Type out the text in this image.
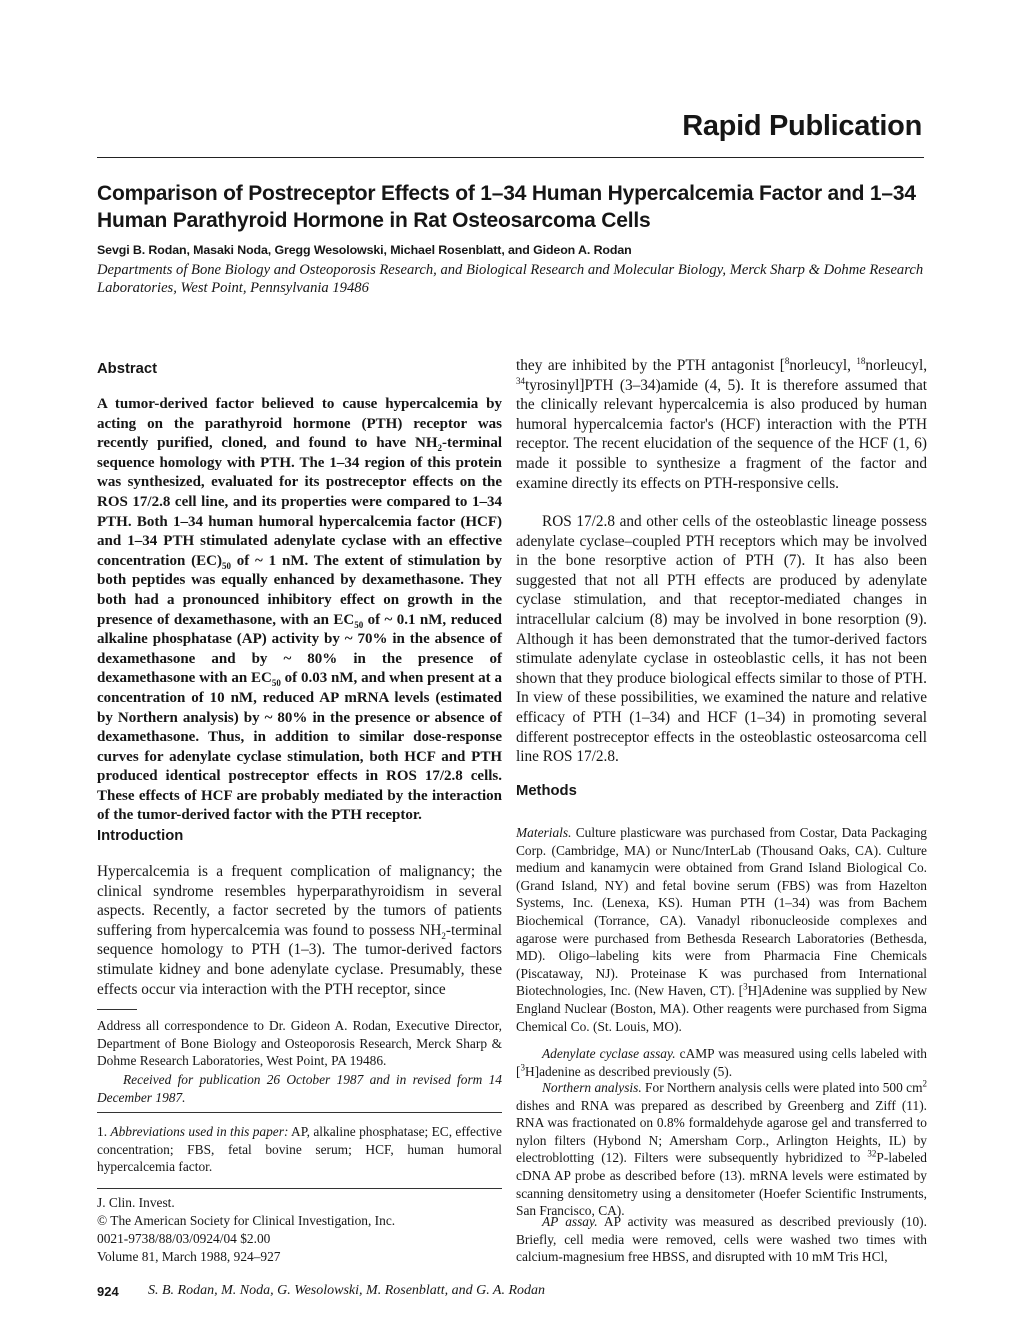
Rapid Publication
Comparison of Postreceptor Effects of 1–34 Human Hypercalcemia Factor and 1–34 Human Parathyroid Hormone in Rat Osteosarcoma Cells
Sevgi B. Rodan, Masaki Noda, Gregg Wesolowski, Michael Rosenblatt, and Gideon A. Rodan
Departments of Bone Biology and Osteoporosis Research, and Biological Research and Molecular Biology, Merck Sharp & Dohme Research Laboratories, West Point, Pennsylvania 19486
Abstract

A tumor-derived factor believed to cause hypercalcemia by acting on the parathyroid hormone (PTH) receptor was recently purified, cloned, and found to have $NH_2$-terminal sequence homology with PTH. The 1–34 region of this protein was synthesized, evaluated for its postreceptor effects on the ROS 17/2.8 cell line, and its properties were compared to 1–34 PTH. Both 1–34 human humoral hypercalcemia factor (HCF) and 1–34 PTH stimulated adenylate cyclase with an effective concentration $(EC)_{50}$ of ~ 1 nM. The extent of stimulation by both peptides was equally enhanced by dexamethasone. They both had a pronounced inhibitory effect on growth in the presence of dexamethasone, with an $EC_{50}$ of ~ 0.1 nM, reduced alkaline phosphatase (AP) activity by ~ 70% in the absence of dexamethasone and by ~ 80% in the presence of dexamethasone with an $EC_{50}$ of 0.03 nM, and when present at a concentration of 10 nM, reduced AP mRNA levels (estimated by Northern analysis) by ~ 80% in the presence or absence of dexamethasone. Thus, in addition to similar dose-response curves for adenylate cyclase stimulation, both HCF and PTH produced identical postreceptor effects in ROS 17/2.8 cells. These effects of HCF are probably mediated by the interaction of the tumor-derived factor with the PTH receptor.

Introduction

Hypercalcemia is a frequent complication of malignancy; the clinical syndrome resembles hyperparathyroidism in several aspects. Recently, a factor secreted by the tumors of patients suffering from hypercalcemia was found to possess $NH_2$-terminal sequence homology to PTH (1–3). The tumor-derived factors stimulate kidney and bone adenylate cyclase. Presumably, these effects occur via interaction with the PTH receptor, since

Address all correspondence to Dr. Gideon A. Rodan, Executive Director, Department of Bone Biology and Osteoporosis Research, Merck Sharp & Dohme Research Laboratories, West Point, PA 19486.

Received for publication 26 October 1987 and in revised form 14 December 1987.

1. Abbreviations used in this paper: AP, alkaline phosphatase; EC, effective concentration; FBS, fetal bovine serum; HCF, human humoral hypercalcemia factor.

J. Clin. Invest.
© The American Society for Clinical Investigation, Inc.
0021-9738/88/03/0924/04 $2.00
Volume 81, March 1988, 924–927

they are inhibited by the PTH antagonist [$^8$norleucyl, $^{18}$norleucyl, $^{34}$tyrosinyl]PTH (3–34)amide (4, 5). It is therefore assumed that the clinically relevant hypercalcemia is also produced by human humoral hypercalcemia factor's (HCF) interaction with the PTH receptor. The recent elucidation of the sequence of the HCF (1, 6) made it possible to synthesize a fragment of the factor and examine directly its effects on PTH-responsive cells.

ROS 17/2.8 and other cells of the osteoblastic lineage possess adenylate cyclase–coupled PTH receptors which may be involved in the bone resorptive action of PTH (7). It has also been suggested that not all PTH effects are produced by adenylate cyclase stimulation, and that receptor-mediated changes in intracellular calcium (8) may be involved in bone resorption (9). Although it has been demonstrated that the tumor-derived factors stimulate adenylate cyclase in osteoblastic cells, it has not been shown that they produce biological effects similar to those of PTH. In view of these possibilities, we examined the nature and relative efficacy of PTH (1–34) and HCF (1–34) in promoting several different postreceptor effects in the osteoblastic osteosarcoma cell line ROS 17/2.8.

Methods

Materials. Culture plasticware was purchased from Costar, Data Packaging Corp. (Cambridge, MA) or Nunc/InterLab (Thousand Oaks, CA). Culture medium and kanamycin were obtained from Grand Island Biological Co. (Grand Island, NY) and fetal bovine serum (FBS) was from Hazelton Systems, Inc. (Lenexa, KS). Human PTH (1–34) was from Bachem Biochemical (Torrance, CA). Vanadyl ribonucleoside complexes and agarose were purchased from Bethesda Research Laboratories (Bethesda, MD). Oligo–labeling kits were from Pharmacia Fine Chemicals (Piscataway, NJ). Proteinase K was purchased from International Biotechnologies, Inc. (New Haven, CT). [$^3$H]Adenine was supplied by New England Nuclear (Boston, MA). Other reagents were purchased from Sigma Chemical Co. (St. Louis, MO).

Adenylate cyclase assay. cAMP was measured using cells labeled with [$^3$H]adenine as described previously (5).

Northern analysis. For Northern analysis cells were plated into 500 $cm^2$ dishes and RNA was prepared as described by Greenberg and Ziff (11). RNA was fractionated on 0.8% formaldehyde agarose gel and transferred to nylon filters (Hybond N; Amersham Corp., Arlington Heights, IL) by electroblotting (12). Filters were subsequently hybridized to $^{32}$P-labeled cDNA AP probe as described before (13). mRNA levels were estimated by scanning densitometry using a densitometer (Hoefer Scientific Instruments, San Francisco, CA).

AP assay. AP activity was measured as described previously (10). Briefly, cell media were removed, cells were washed two times with calcium-magnesium free HBSS, and disrupted with 10 mM Tris HCl,

924 S. B. Rodan, M. Noda, G. Wesolowski, M. Rosenblatt, and G. A. Rodan
